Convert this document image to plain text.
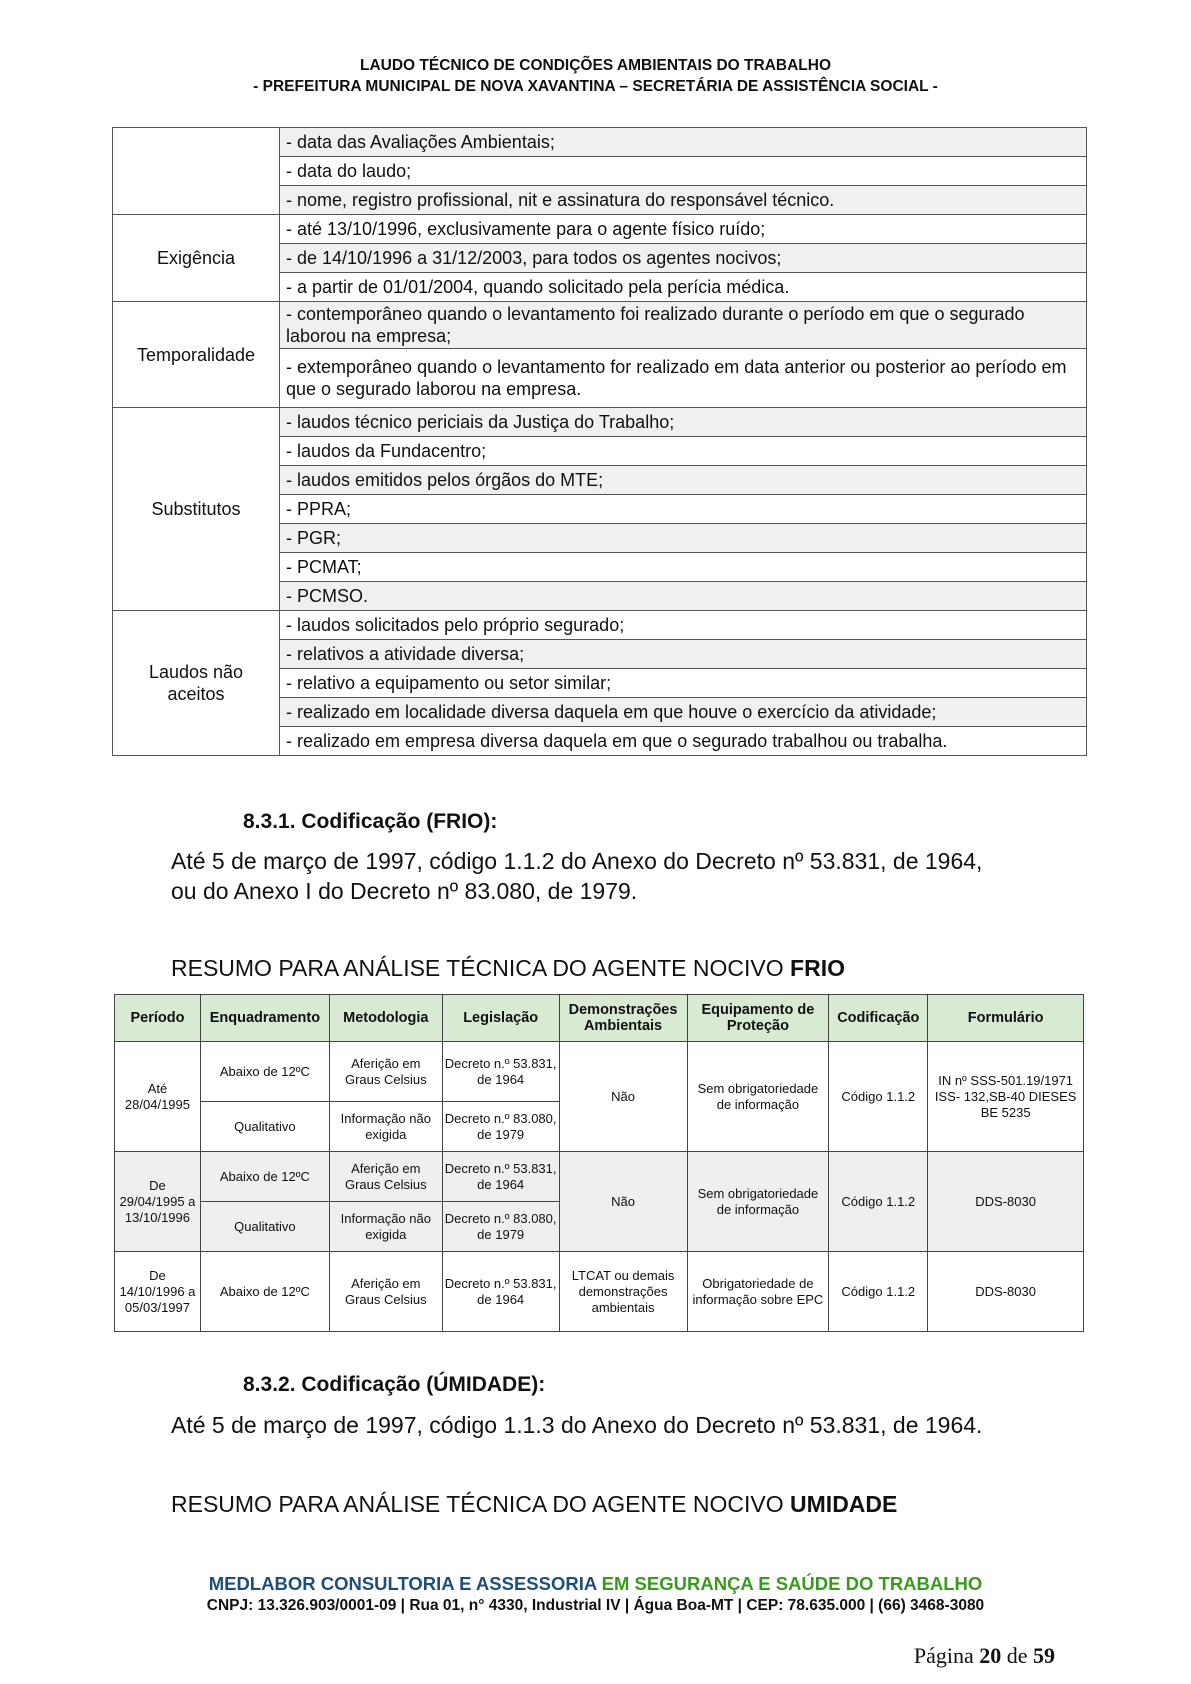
LAUDO TÉCNICO DE CONDIÇÕES AMBIENTAIS DO TRABALHO
- PREFEITURA MUNICIPAL DE NOVA XAVANTINA – SECRETÁRIA DE ASSISTÊNCIA SOCIAL -
	- data das Avaliações Ambientais;
	- data do laudo;
	- nome, registro profissional, nit e assinatura do responsável técnico.
Exigência	- até 13/10/1996, exclusivamente para o agente físico ruído;
	- de 14/10/1996 a 31/12/2003, para todos os agentes nocivos;
	- a partir de 01/01/2004, quando solicitado pela perícia médica.
Temporalidade	- contemporâneo quando o levantamento foi realizado durante o período em que o segurado laborou na empresa;
	- extemporâneo quando o levantamento for realizado em data anterior ou posterior ao período em que o segurado laborou na empresa.
Substitutos	- laudos técnico periciais da Justiça do Trabalho;
	- laudos da Fundacentro;
	- laudos emitidos pelos órgãos do MTE;
	- PPRA;
	- PGR;
	- PCMAT;
	- PCMSO.

Laudos não
aceitos	- laudos solicitados pelo próprio segurado;
	- relativos a atividade diversa;
	- relativo a equipamento ou setor similar;
	- realizado em localidade diversa daquela em que houve o exercício da atividade;
	- realizado em empresa diversa daquela em que o segurado trabalhou ou trabalha.
8.3.1. Codificação (FRIO):
Até 5 de março de 1997, código 1.1.2 do Anexo do Decreto nº 53.831, de 1964,
ou do Anexo I do Decreto nº 83.080, de 1979.
RESUMO PARA ANÁLISE TÉCNICA DO AGENTE NOCIVO FRIO
Período	Enquadramento	Metodologia	Legislação	Demonstrações Ambientais	Equipamento de Proteção	Codificação	Formulário
Até 28/04/1995	Abaixo de 12ºC	Aferição em Graus Celsius	Decreto n.º 53.831, de 1964	Não	Sem obrigatoriedade de informação	Código 1.1.2	IN nº SSS-501.19/1971 ISS- 132,SB-40 DIESES BE 5235
	Qualitativo	Informação não exigida	Decreto n.º 83.080, de 1979				
De 29/04/1995 a 13/10/1996	Abaixo de 12ºC	Aferição em Graus Celsius	Decreto n.º 53.831, de 1964	Não	Sem obrigatoriedade de informação	Código 1.1.2	DDS-8030
	Qualitativo	Informação não exigida	Decreto n.º 83.080, de 1979				
De 14/10/1996 a 05/03/1997	Abaixo de 12ºC	Aferição em Graus Celsius	Decreto n.º 53.831, de 1964	LTCAT ou demais demonstrações ambientais	Obrigatoriedade de informação sobre EPC	Código 1.1.2	DDS-8030
8.3.2. Codificação (ÚMIDADE):
Até 5 de março de 1997, código 1.1.3 do Anexo do Decreto nº 53.831, de 1964.
RESUMO PARA ANÁLISE TÉCNICA DO AGENTE NOCIVO UMIDADE
MEDLABOR CONSULTORIA E ASSESSORIA EM SEGURANÇA E SAÚDE DO TRABALHO
CNPJ: 13.326.903/0001-09 | Rua 01, n° 4330, Industrial IV | Água Boa-MT | CEP: 78.635.000 | (66) 3468-3080
Página 20 de 59
